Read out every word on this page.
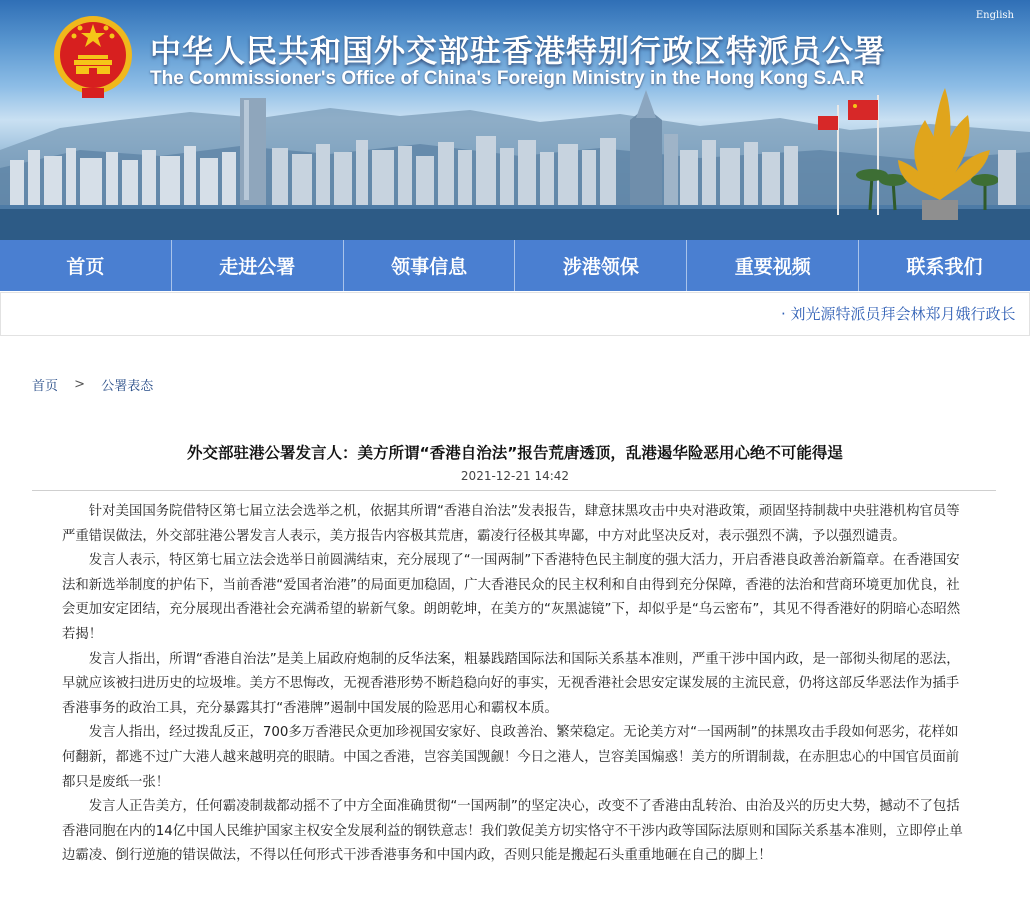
English
中华人民共和国外交部驻香港特别行政区特派员公署
The Commissioner's Office of China's Foreign Ministry in the Hong Kong S.A.R
首页	走进公署	领事信息	涉港领保	重要视频	联系我们
· 刘光源特派员拜会林郑月娥行政长
首页 > 公署表态
外交部驻港公署发言人：美方所谓“香港自治法”报告荒唐透顶，乱港遏华险恶用心绝不可能得逞
2021-12-21 14:42

针对美国国务院借特区第七届立法会选举之机，依据其所谓“香港自治法”发表报告，肆意抹黑攻击中央对港政策，顽固坚持制裁中央驻港机构官员等严重错误做法，外交部驻港公署发言人表示，美方报告内容极其荒唐，霸凌行径极其卑鄙，中方对此坚决反对，表示强烈不满，予以强烈谴责。

发言人表示，特区第七届立法会选举日前圆满结束，充分展现了“一国两制”下香港特色民主制度的强大活力，开启香港良政善治新篇章。在香港国安法和新选举制度的护佑下，当前香港“爱国者治港”的局面更加稳固，广大香港民众的民主权利和自由得到充分保障，香港的法治和营商环境更加优良，社会更加安定团结，充分展现出香港社会充满希望的崭新气象。朗朗乾坤，在美方的“灰黑滤镜”下，却似乎是“乌云密布”，其见不得香港好的阴暗心态昭然若揭！

发言人指出，所谓“香港自治法”是美上届政府炮制的反华法案，粗暴践踏国际法和国际关系基本准则，严重干涉中国内政，是一部彻头彻尾的恶法，早就应该被扫进历史的垃圾堆。美方不思悔改，无视香港形势不断趋稳向好的事实，无视香港社会思安定谋发展的主流民意，仍将这部反华恶法作为插手香港事务的政治工具，充分暴露其打“香港牌”遏制中国发展的险恶用心和霸权本质。

发言人指出，经过拨乱反正，700多万香港民众更加珍视国安家好、良政善治、繁荣稳定。无论美方对“一国两制”的抹黑攻击手段如何恶劣，花样如何翻新，都逃不过广大港人越来越明亮的眼睛。中国之香港，岂容美国觊觎！今日之港人，岂容美国煽惑！美方的所谓制裁，在赤胆忠心的中国官员面前都只是废纸一张！

发言人正告美方，任何霸凌制裁都动摇不了中方全面准确贯彻“一国两制”的坚定决心，改变不了香港由乱转治、由治及兴的历史大势，撼动不了包括香港同胞在内的14亿中国人民维护国家主权安全发展利益的钢铁意志！我们敦促美方切实恪守不干涉内政等国际法原则和国际关系基本准则，立即停止单边霸凌、倒行逆施的错误做法，不得以任何形式干涉香港事务和中国内政，否则只能是搬起石头重重地砸在自己的脚上！
